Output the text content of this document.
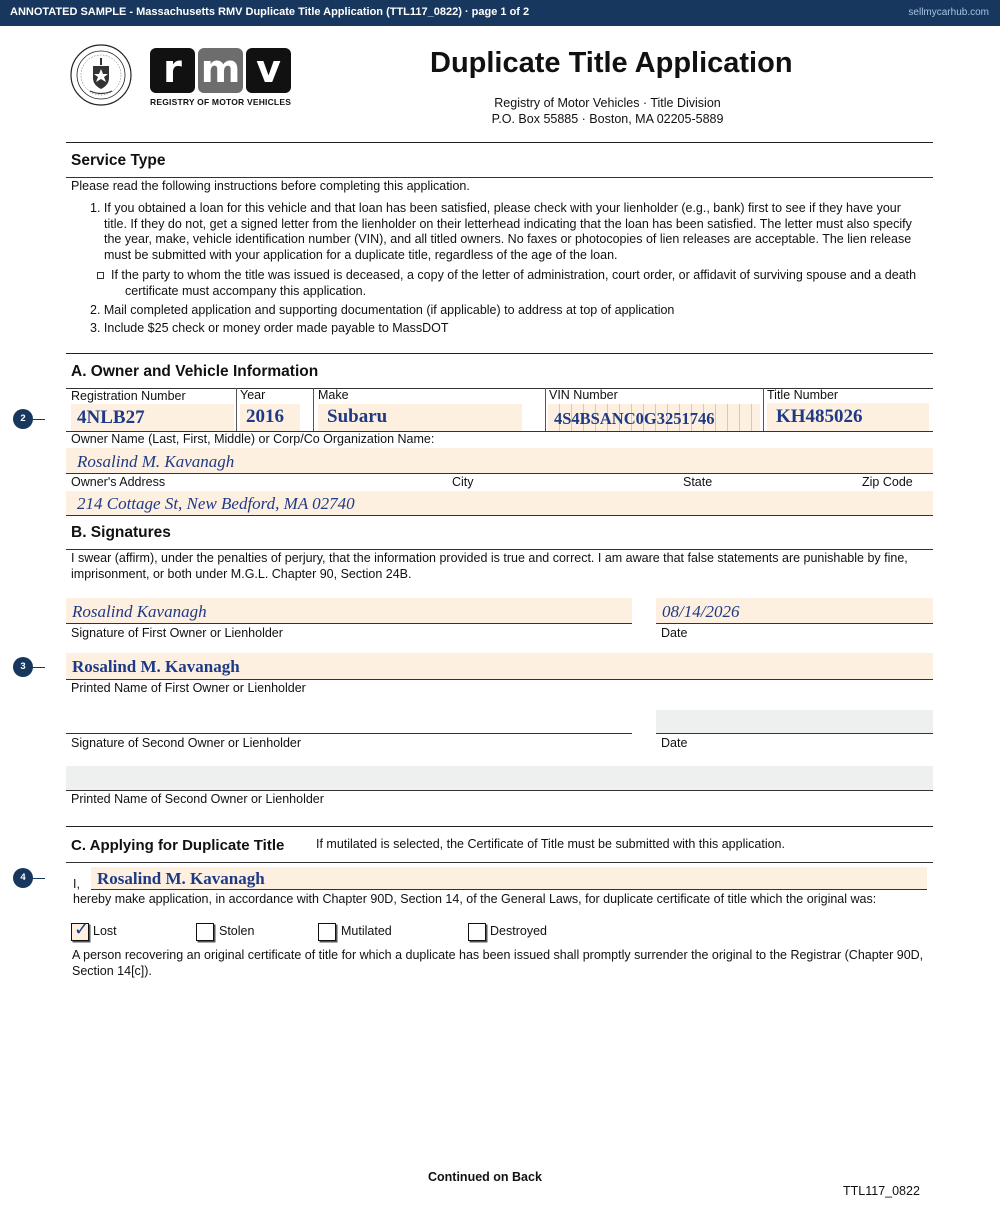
ANNOTATED SAMPLE - Massachusetts RMV Duplicate Title Application (TTL117_0822) · page 1 of 2	sellmycarhub.com
r m v
REGISTRY OF MOTOR VEHICLES
Duplicate Title Application
Registry of Motor Vehicles · Title Division
P.O. Box 55885 · Boston, MA 02205-5889
Service Type
Please read the following instructions before completing this application.
1. If you obtained a loan for this vehicle and that loan has been satisfied, please check with your lienholder (e.g., bank) first to see if they have your title. If they do not, get a signed letter from the lienholder on their letterhead indicating that the loan has been satisfied. The letter must also specify the year, make, vehicle identification number (VIN), and all titled owners. No faxes or photocopies of lien releases are acceptable. The lien release must be submitted with your application for a duplicate title, regardless of the age of the loan.
If the party to whom the title was issued is deceased, a copy of the letter of administration, court order, or affidavit of surviving spouse and a death certificate must accompany this application.
2. Mail completed application and supporting documentation (if applicable) to address at top of application
3. Include $25 check or money order made payable to MassDOT
A. Owner and Vehicle Information
Registration Number	Year	Make	VIN Number	Title Number
4NLB27	2016 Subaru	4S4BSANC0G3251746	KH485026
Owner Name (Last, First, Middle) or Corp/Co Organization Name:
Rosalind M. Kavanagh
Owner's Address	City	State	Zip Code
214 Cottage St, New Bedford, MA 02740
B. Signatures
I swear (affirm), under the penalties of perjury, that the information provided is true and correct. I am aware that false statements are punishable by fine, imprisonment, or both under M.G.L. Chapter 90, Section 24B.
Rosalind Kavanagh	08/14/2026
Signature of First Owner or Lienholder	Date
Rosalind M. Kavanagh
Printed Name of First Owner or Lienholder
Signature of Second Owner or Lienholder	Date
Printed Name of Second Owner or Lienholder
C. Applying for Duplicate Title	If mutilated is selected, the Certificate of Title must be submitted with this application.
I, Rosalind M. Kavanagh
hereby make application, in accordance with Chapter 90D, Section 14, of the General Laws, for duplicate certificate of title which the original was:
✓ Lost	Stolen	Mutilated	Destroyed
A person recovering an original certificate of title for which a duplicate has been issued shall promptly surrender the original to the Registrar (Chapter 90D, Section 14[c]).
2
3
4
Continued on Back
TTL117_0822
